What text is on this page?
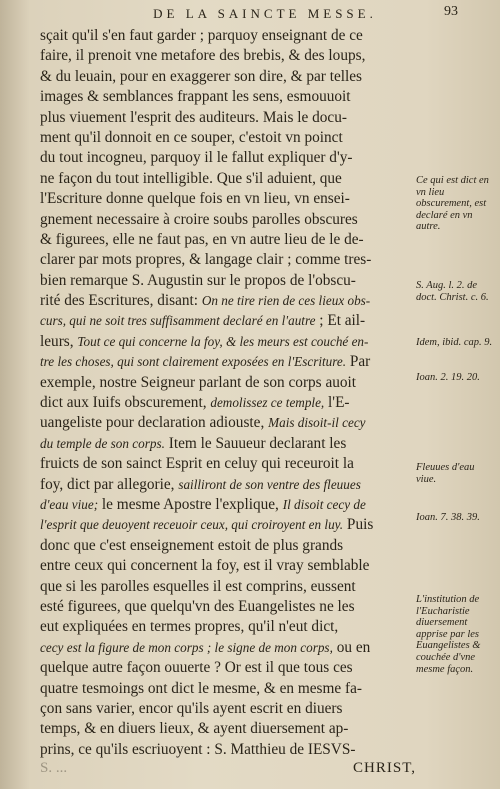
DE LA SAINCTE MESSE.	93
sçait qu'il s'en faut garder ; parquoy enseignant de ce
faire, il prenoit vne metafore des brebis, & des loups,
& du leuain, pour en exaggerer son dire, & par telles
images & semblances frappant les sens, esmouuoit
plus viuement l'esprit des auditeurs. Mais le docu-
ment qu'il donnoit en ce souper, c'estoit vn poinct
du tout incogneu, parquoy il le fallut expliquer d'y-
ne façon du tout intelligible. Que s'il aduient, que
l'Escriture donne quelque fois en vn lieu, vn ensei-
gnement necessaire à croire soubs parolles obscures
& figurees, elle ne faut pas, en vn autre lieu de le de-
clarer par mots propres, & langage clair ; comme tres-
bien remarque S. Augustin sur le propos de l'obscu-
rité des Escritures, disant: On ne tire rien de ces lieux obs-
curs, qui ne soit tres suffisamment declaré en l'autre ; Et ail-
leurs, Tout ce qui concerne la foy, & les meurs est couché en-
tre les choses, qui sont clairement exposées en l'Escriture. Par
exemple, nostre Seigneur parlant de son corps auoit
dict aux Iuifs obscurement, demolissez ce temple, l'E-
uangeliste pour declaration adiouste, Mais disoit-il cecy
du temple de son corps. Item le Sauueur declarant les
fruicts de son sainct Esprit en celuy qui receuroit la
foy, dict par allegorie, sailliront de son ventre des fleuues
d'eau viue; le mesme Apostre l'explique, Il disoit cecy de
l'esprit que deuoyent receuoir ceux, qui croiroyent en luy. Puis
donc que c'est enseignement estoit de plus grands
entre ceux qui concernent la foy, est il vray semblable
que si les parolles esquelles il est comprins, eussent
esté figurees, que quelqu'vn des Euangelistes ne les
eut expliquées en termes propres, qu'il n'eut dict,
cecy est la figure de mon corps ; le signe de mon corps, ou en
quelque autre façon ouuerte ? Or est il que tous ces
quatre tesmoings ont dict le mesme, & en mesme fa-
çon sans varier, encor qu'ils ayent escrit en diuers
temps, & en diuers lieux, & ayent diuersement ap-
prins, ce qu'ils escriuoyent : S. Matthieu de IESVS-
Ce qui est dict en vn lieu obscurement, est declaré en vn autre.
S. Aug. l. 2. de doct. Christ. c. 6.
Idem, ibid. cap. 9.
Ioan. 2. 19. 20.
Fleuues d'eau viue.
Ioan. 7. 38. 39.
L'institution de l'Eucharistie diuersement apprise par les Euangelistes & couchée d'vne mesme façon.
S. ...	CHRIST,
